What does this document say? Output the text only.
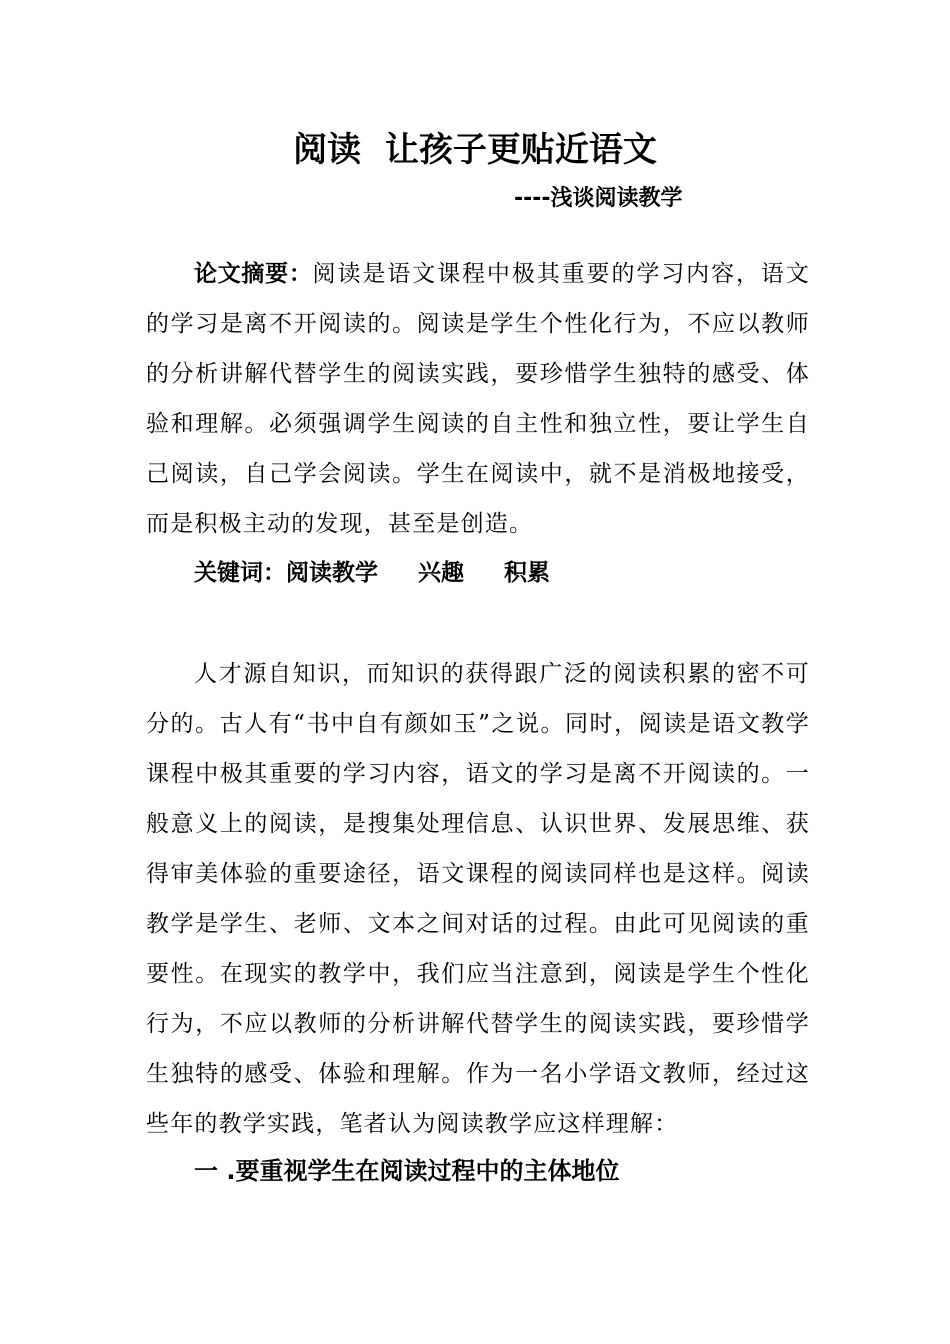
阅读  让孩子更贴近语文
----浅谈阅读教学

论文摘要：阅读是语文课程中极其重要的学习内容，语文的学习是离不开阅读的。阅读是学生个性化行为，不应以教师的分析讲解代替学生的阅读实践，要珍惜学生独特的感受、体验和理解。必须强调学生阅读的自主性和独立性，要让学生自己阅读，自己学会阅读。学生在阅读中，就不是消极地接受，而是积极主动的发现，甚至是创造。

关键词：阅读教学 兴趣 积累

人才源自知识，而知识的获得跟广泛的阅读积累的密不可分的。古人有“书中自有颜如玉”之说。同时，阅读是语文教学课程中极其重要的学习内容，语文的学习是离不开阅读的。一般意义上的阅读，是搜集处理信息、认识世界、发展思维、获得审美体验的重要途径，语文课程的阅读同样也是这样。阅读教学是学生、老师、文本之间对话的过程。由此可见阅读的重要性。在现实的教学中，我们应当注意到，阅读是学生个性化行为，不应以教师的分析讲解代替学生的阅读实践，要珍惜学生独特的感受、体验和理解。作为一名小学语文教师，经过这些年的教学实践，笔者认为阅读教学应这样理解：

一 .要重视学生在阅读过程中的主体地位
